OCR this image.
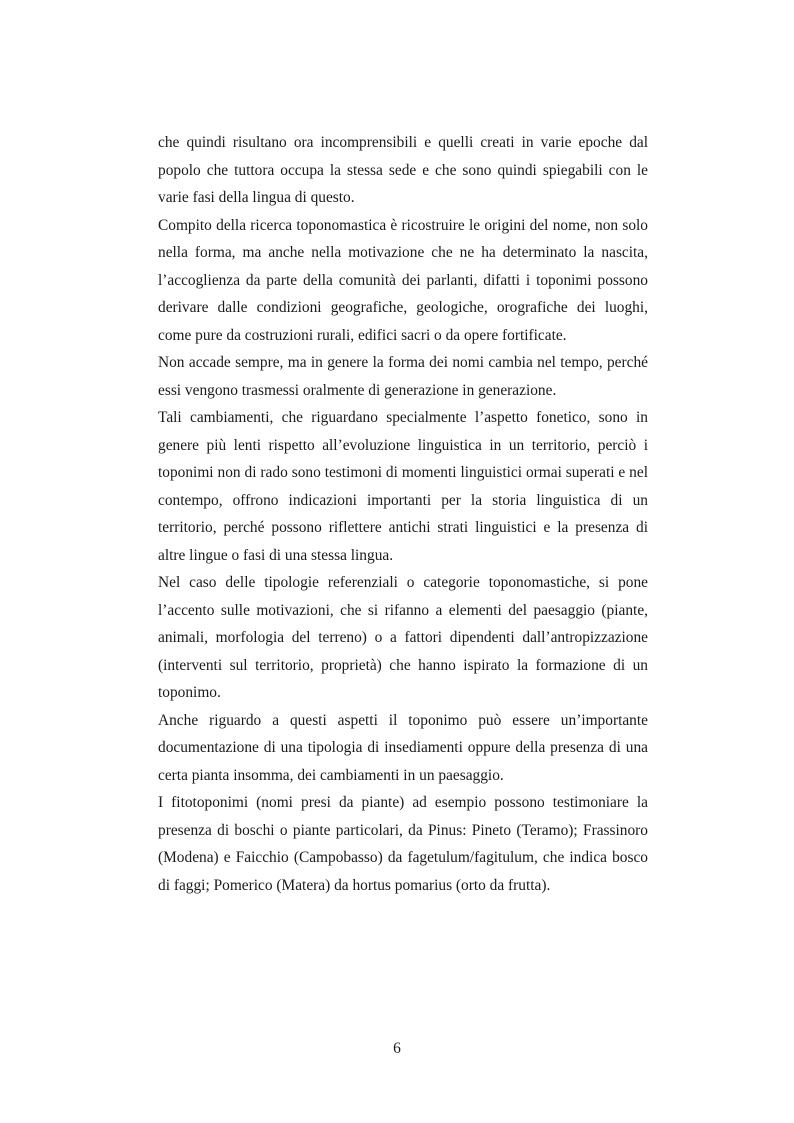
che quindi risultano ora incomprensibili e quelli creati in varie epoche dal popolo che tuttora occupa la stessa sede e che sono quindi spiegabili con le varie fasi della lingua di questo.

Compito della ricerca toponomastica è ricostruire le origini del nome, non solo nella forma, ma anche nella motivazione che ne ha determinato la nascita, l’accoglienza da parte della comunità dei parlanti, difatti i toponimi possono derivare dalle condizioni geografiche, geologiche, orografiche dei luoghi, come pure da costruzioni rurali, edifici sacri o da opere fortificate.

Non accade sempre, ma in genere la forma dei nomi cambia nel tempo, perché essi vengono trasmessi oralmente di generazione in generazione.

Tali cambiamenti, che riguardano specialmente l’aspetto fonetico, sono in genere più lenti rispetto all’evoluzione linguistica in un territorio, perciò i toponimi non di rado sono testimoni di momenti linguistici ormai superati e nel contempo, offrono indicazioni importanti per la storia linguistica di un territorio, perché possono riflettere antichi strati linguistici e la presenza di altre lingue o fasi di una stessa lingua.

Nel caso delle tipologie referenziali o categorie toponomastiche, si pone l’accento sulle motivazioni, che si rifanno a elementi del paesaggio (piante, animali, morfologia del terreno) o a fattori dipendenti dall’antropizzazione (interventi sul territorio, proprietà) che hanno ispirato la formazione di un toponimo.

Anche riguardo a questi aspetti il toponimo può essere un’importante documentazione di una tipologia di insediamenti oppure della presenza di una certa pianta insomma, dei cambiamenti in un paesaggio.

I fitotoponimi (nomi presi da piante) ad esempio possono testimoniare la presenza di boschi o piante particolari, da Pinus: Pineto (Teramo); Frassinoro (Modena) e Faicchio (Campobasso) da fagetulum/fagitulum, che indica bosco di faggi; Pomerico (Matera) da hortus pomarius (orto da frutta).

6
